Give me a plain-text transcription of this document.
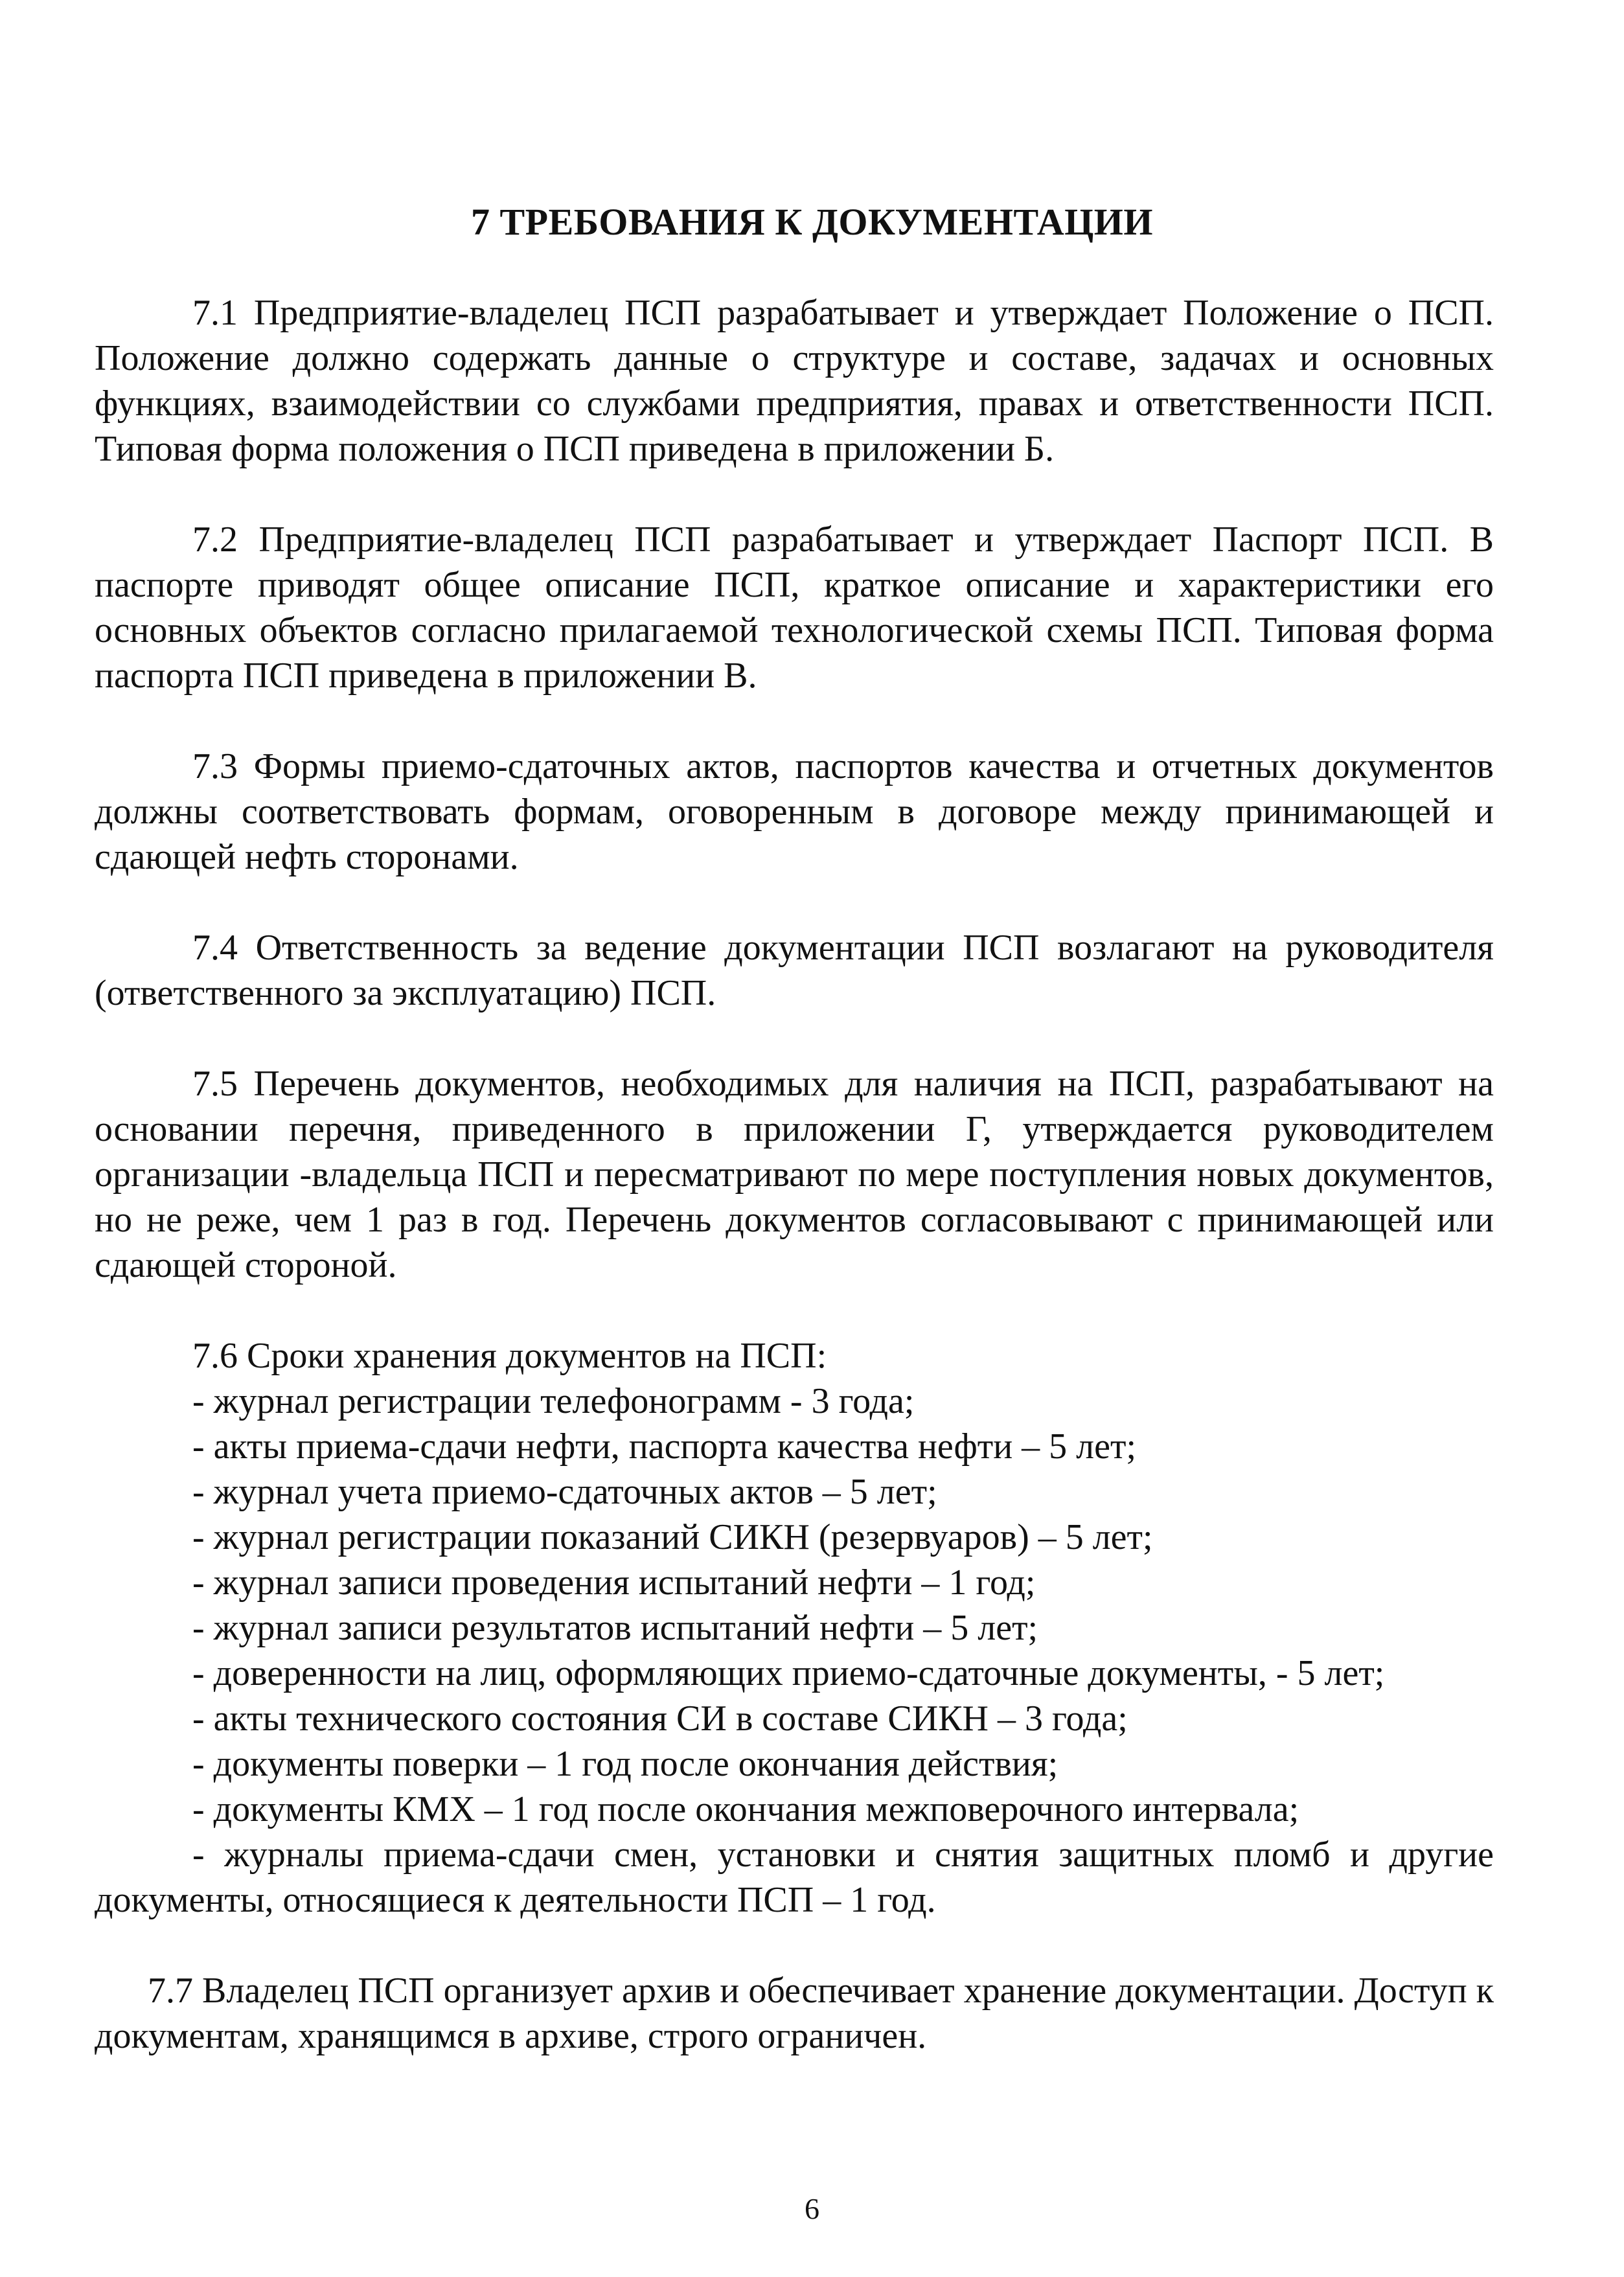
7 ТРЕБОВАНИЯ К ДОКУМЕНТАЦИИ

7.1 Предприятие-владелец ПСП разрабатывает и утверждает Положение о ПСП. Положение должно содержать данные о структуре и составе, задачах и основных функциях, взаимодействии со службами предприятия, правах и ответственности ПСП. Типовая форма положения о ПСП приведена в приложении Б.

7.2 Предприятие-владелец ПСП разрабатывает и утверждает Паспорт ПСП. В паспорте приводят общее описание ПСП, краткое описание и характеристики его основных объектов согласно прилагаемой технологической схемы ПСП. Типовая форма паспорта ПСП приведена в приложении В.

7.3 Формы приемо-сдаточных актов, паспортов качества и отчетных документов должны соответствовать формам, оговоренным в договоре между принимающей и сдающей нефть сторонами.

7.4 Ответственность за ведение документации ПСП возлагают на руководителя (ответственного за эксплуатацию) ПСП.

7.5 Перечень документов, необходимых для наличия на ПСП, разрабатывают на основании перечня, приведенного в приложении Г, утверждается руководителем организации -владельца ПСП и пересматривают по мере поступления новых документов, но не реже, чем 1 раз в год. Перечень документов согласовывают с принимающей или сдающей стороной.

7.6 Сроки хранения документов на ПСП:

- журнал регистрации телефонограмм - 3 года;

- акты приема-сдачи нефти, паспорта качества нефти – 5 лет;

- журнал учета приемо-сдаточных актов – 5 лет;

- журнал регистрации показаний СИКН (резервуаров) – 5 лет;

- журнал записи проведения испытаний нефти – 1 год;

- журнал записи результатов испытаний нефти – 5 лет;

- доверенности на лиц, оформляющих приемо-сдаточные документы, - 5 лет;

- акты технического состояния СИ в составе СИКН – 3 года;

- документы поверки – 1 год после окончания действия;

- документы КМХ – 1 год после окончания межповерочного интервала;

- журналы приема-сдачи смен, установки и снятия защитных пломб и другие документы, относящиеся к деятельности ПСП – 1 год.

7.7 Владелец ПСП организует архив и обеспечивает хранение документации. Доступ к документам, хранящимся в архиве, строго ограничен.

6
